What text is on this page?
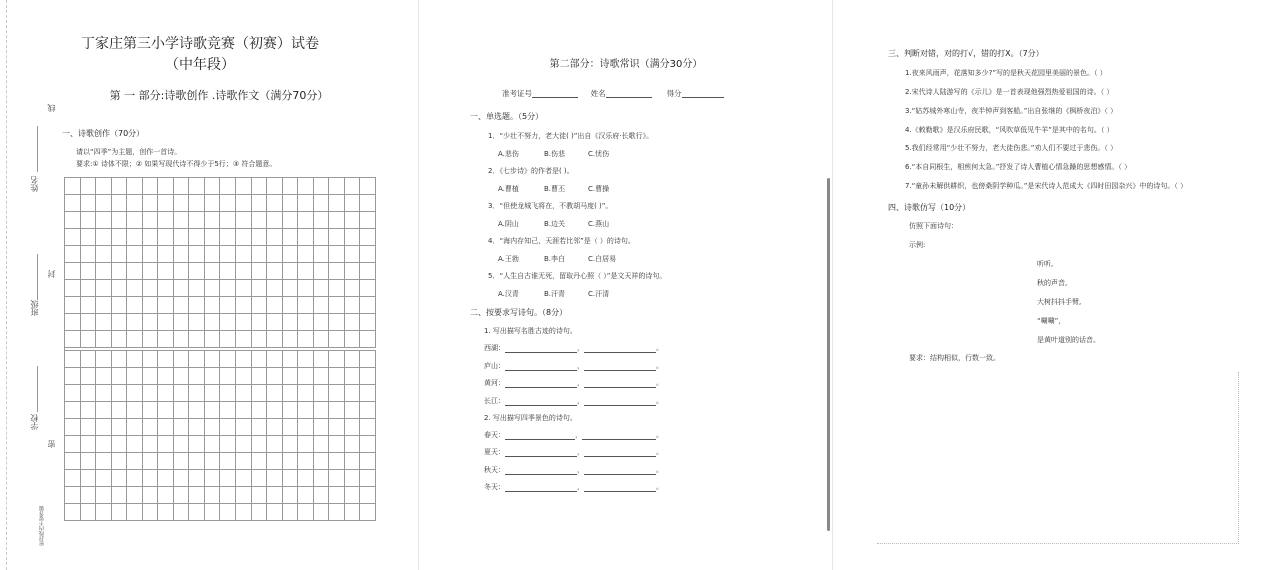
线
姓名
封
班级
学校
密
密封线内不要答题
丁家庄第三小学诗歌竞赛（初赛）试卷
（中年段）
第 一 部分:诗歌创作 .诗歌作文（满分70分）
一、诗歌创作（70分）
请以“四季”为主题，创作一首诗。
要求:① 诗体不限；② 如果写现代诗不得少于5行；③ 符合题意。
第二部分：诗歌常识（满分30分）
准考证号	姓名	得分
一、单选题。（5分）
1．“少壮不努力，老大徒( )”出自《汉乐府·长歌行》。
A.悲伤	B.伤悲	C.忧伤
2．《七步诗》的作者是( )。
A.曹植	B.曹丕	C.曹操
3．“但使龙城飞将在，不教胡马度( )”。
A.阴山	B.边关	C.燕山
4．“海内存知己，天涯若比邻”是（ ）的诗句。
A.王勃	B.李白	C.白居易
5．“人生自古谁无死，留取丹心照（ ）”是文天祥的诗句。
A.汉青	B.汗青	C.汗清
二、按要求写诗句。（8分）
1. 写出描写名胜古迹的诗句。
西湖：	，	。
庐山：	，	。
黄河：	，	。
长江：	，	。
2. 写出描写四季景色的诗句。
春天：	，	。
夏天：	，	。
秋天：	，	。
冬天：	，	。
三、判断对错，对的打√，错的打X。（7分）
1.夜来风雨声，花落知多少?”写的是秋天花园里美丽的景色。（ ）
2.宋代诗人陆游写的《示儿》是一首表现他强烈热爱祖国的诗。（ ）
3.“姑苏城外寒山寺，夜半钟声到客船。”出自张继的《枫桥夜泊》（ ）
4.《敕勒歌》是汉乐府民歌，“风吹草低见牛羊”是其中的名句。（ ）
5.我们经常用“少壮不努力，老大徒伤悲。”劝人们不要过于悲伤。（ ）
6.“本自同根生，相煎何太急。”抒发了诗人曹植心情急躁的思想感情。（ ）
7.“童孙未解供耕织，也傍桑阴学种瓜。”是宋代诗人范成大《四时田园杂兴》中的诗句。（ ）
四、诗歌仿写（10分）
仿照下面诗句：
示例:
听听,
秋的声音,
大树抖抖手臂,
“唰唰”，
是黄叶道别的话音。
要求：结构相似，行数一致。
